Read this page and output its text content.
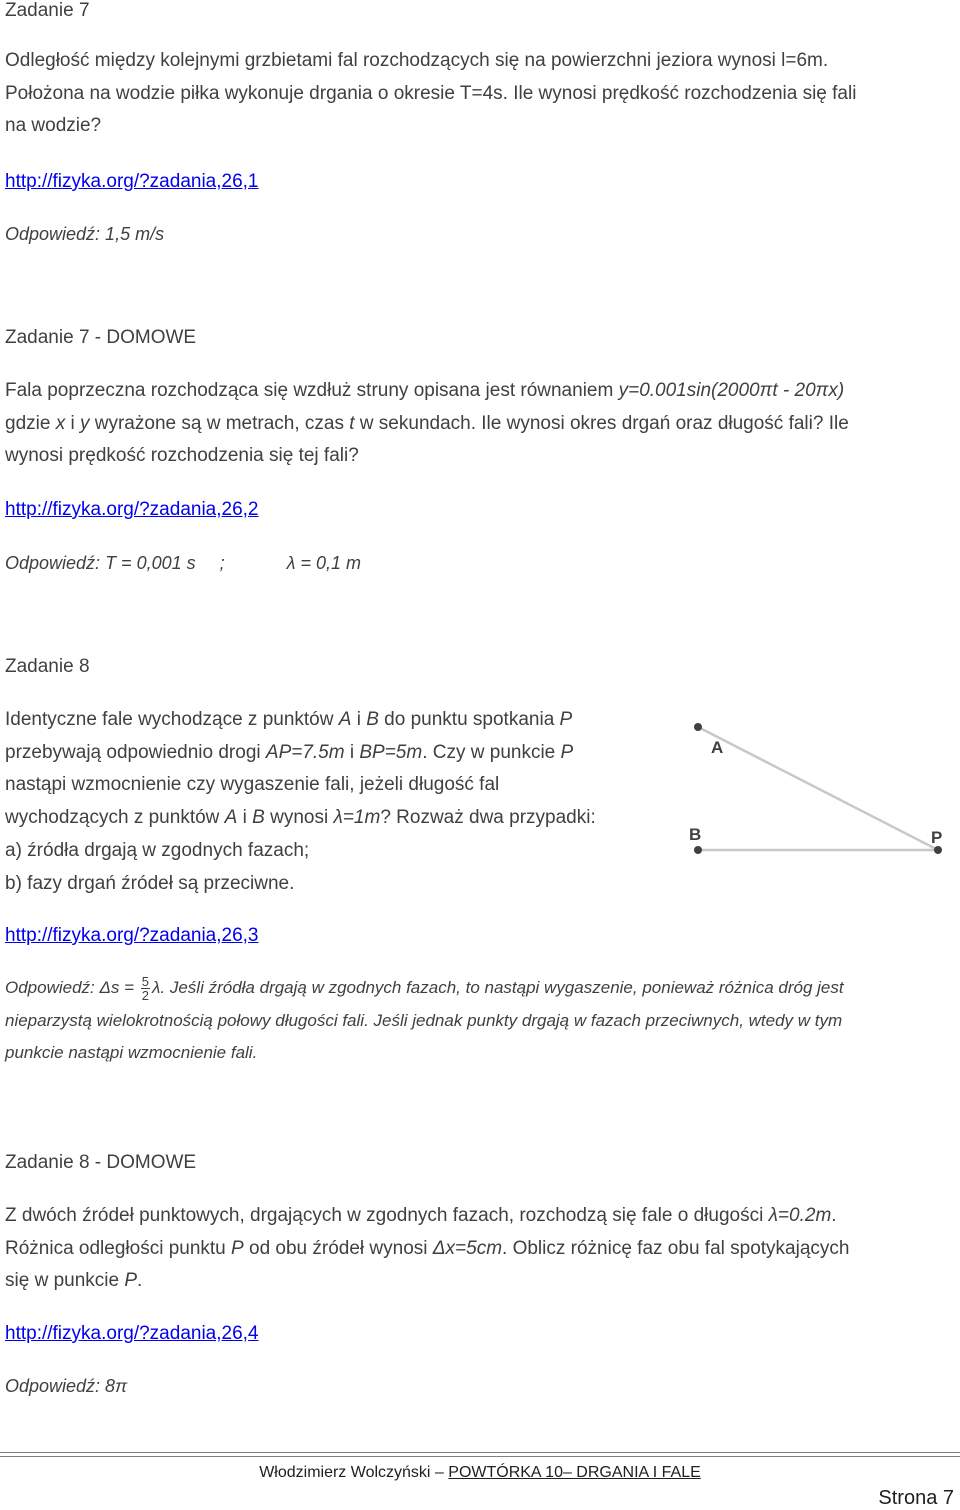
Zadanie 7
Odległość między kolejnymi grzbietami fal rozchodzących się na powierzchni jeziora wynosi l=6m.
Położona na wodzie piłka wykonuje drgania o okresie T=4s. Ile wynosi prędkość rozchodzenia się fali
na wodzie?
http://fizyka.org/?zadania,26,1
Odpowiedź: 1,5 m/s
Zadanie 7 - DOMOWE
Fala poprzeczna rozchodząca się wzdłuż struny opisana jest równaniem y=0.001sin(2000πt - 20πx)
gdzie x i y wyrażone są w metrach, czas t w sekundach. Ile wynosi okres drgań oraz długość fali? Ile
wynosi prędkość rozchodzenia się tej fali?
http://fizyka.org/?zadania,26,2
Odpowiedź: T = 0,001 s ;	λ = 0,1 m
Zadanie 8
Identyczne fale wychodzące z punktów A i B do punktu spotkania P
przebywają odpowiednio drogi AP=7.5m i BP=5m. Czy w punkcie P
nastąpi wzmocnienie czy wygaszenie fali, jeżeli długość fal
wychodzących z punktów A i B wynosi λ=1m? Rozważ dwa przypadki:
a) źródła drgają w zgodnych fazach;
b) fazy drgań źródeł są przeciwne.
A
B	P
http://fizyka.org/?zadania,26,3
Odpowiedź: $\Delta s = \frac{5}{2} \lambda$. Jeśli źródła drgają w zgodnych fazach, to nastąpi wygaszenie, ponieważ różnica dróg jest
nieparzystą wielokrotnością połowy długości fali. Jeśli jednak punkty drgają w fazach przeciwnych, wtedy w tym
punkcie nastąpi wzmocnienie fali.
Zadanie 8 - DOMOWE
Z dwóch źródeł punktowych, drgających w zgodnych fazach, rozchodzą się fale o długości λ=0.2m.
Różnica odległości punktu P od obu źródeł wynosi Δx=5cm. Oblicz różnicę faz obu fal spotykających
się w punkcie P.
http://fizyka.org/?zadania,26,4
Odpowiedź: 8π
Włodzimierz Wolczyński – POWTÓRKA 10– DRGANIA I FALE
Strona 7
